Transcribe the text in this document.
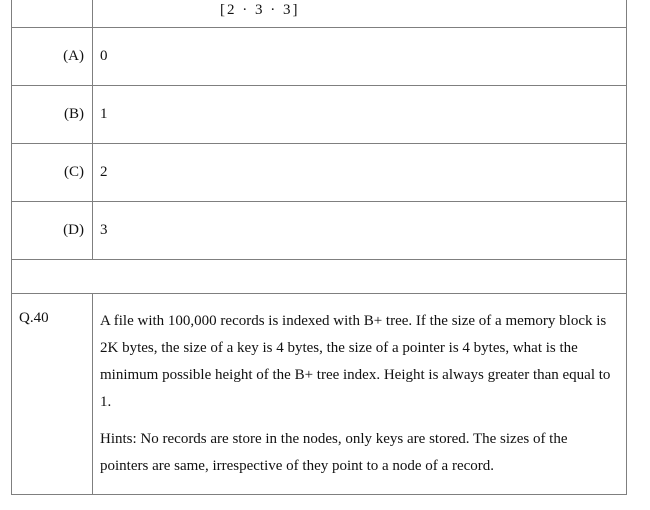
	[2 · 3 · 3]
(A)	0
(B)	1
(C)	2
(D)	3

Q.40	A file with 100,000 records is indexed with B+ tree. If the size of a memory block is 2K bytes, the size of a key is 4 bytes, the size of a pointer is 4 bytes, what is the minimum possible height of the B+ tree index. Height is always greater than equal to 1.

Hints: No records are store in the nodes, only keys are stored. The sizes of the pointers are same, irrespective of they point to a node of a record.
